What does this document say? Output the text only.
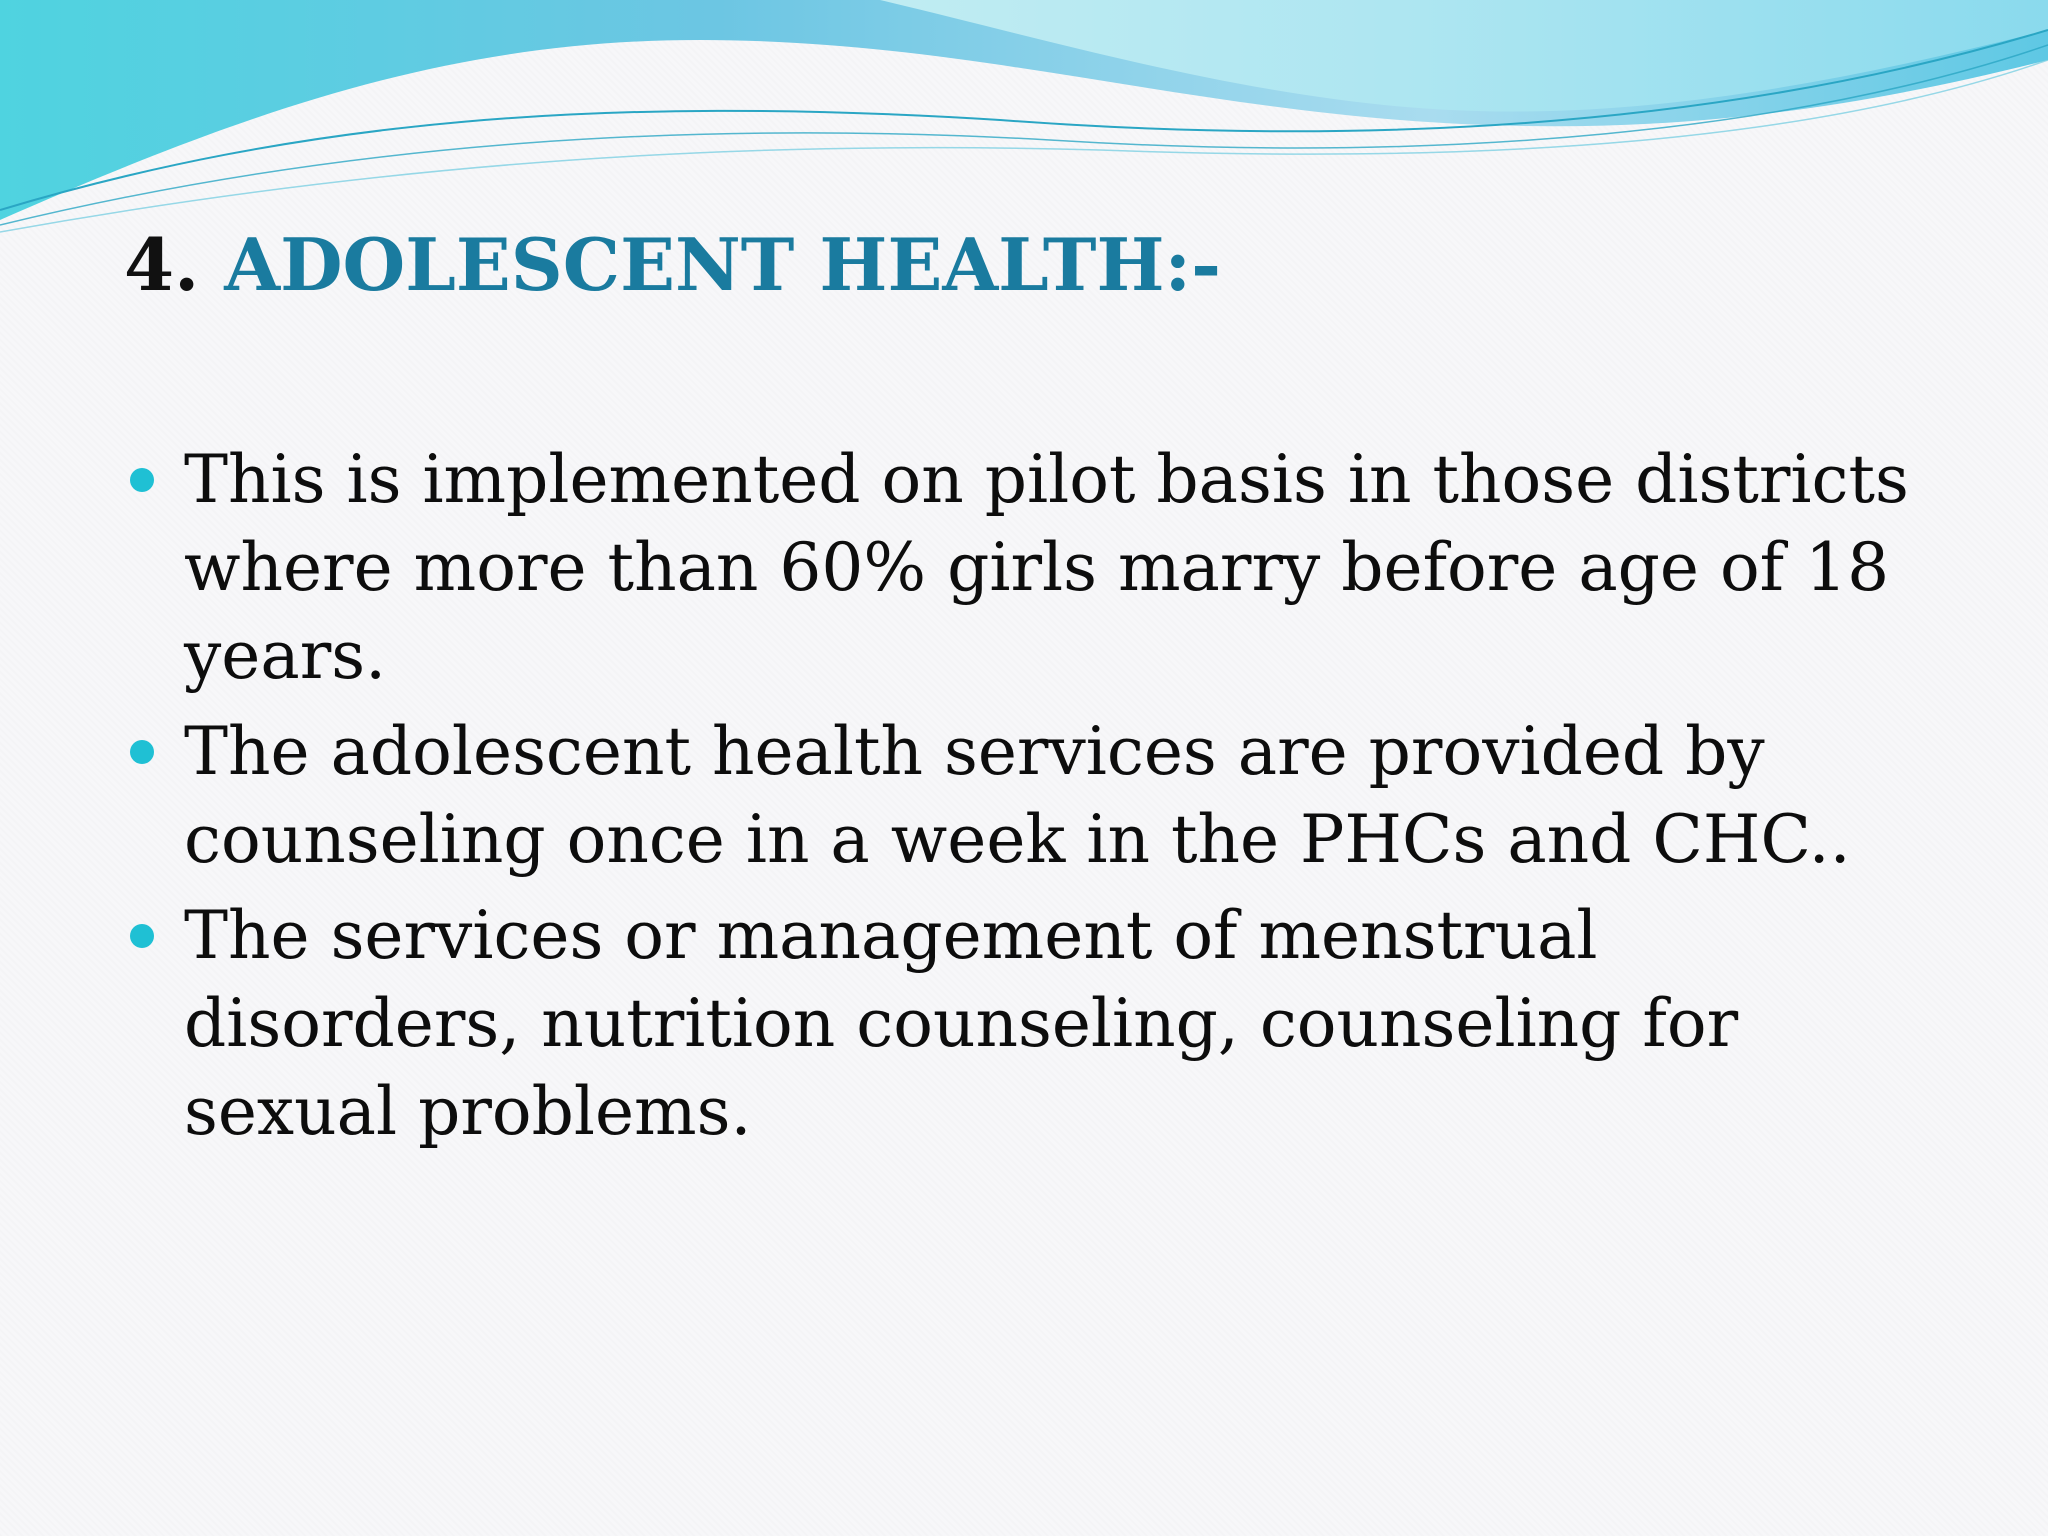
4. ADOLESCENT HEALTH:-
This is implemented on pilot basis in those districts where more than 60% girls marry before age of 18 years.
The adolescent health services are provided by counseling once in a week in the PHCs and CHC..
The services or management of menstrual disorders, nutrition counseling, counseling for sexual problems.
